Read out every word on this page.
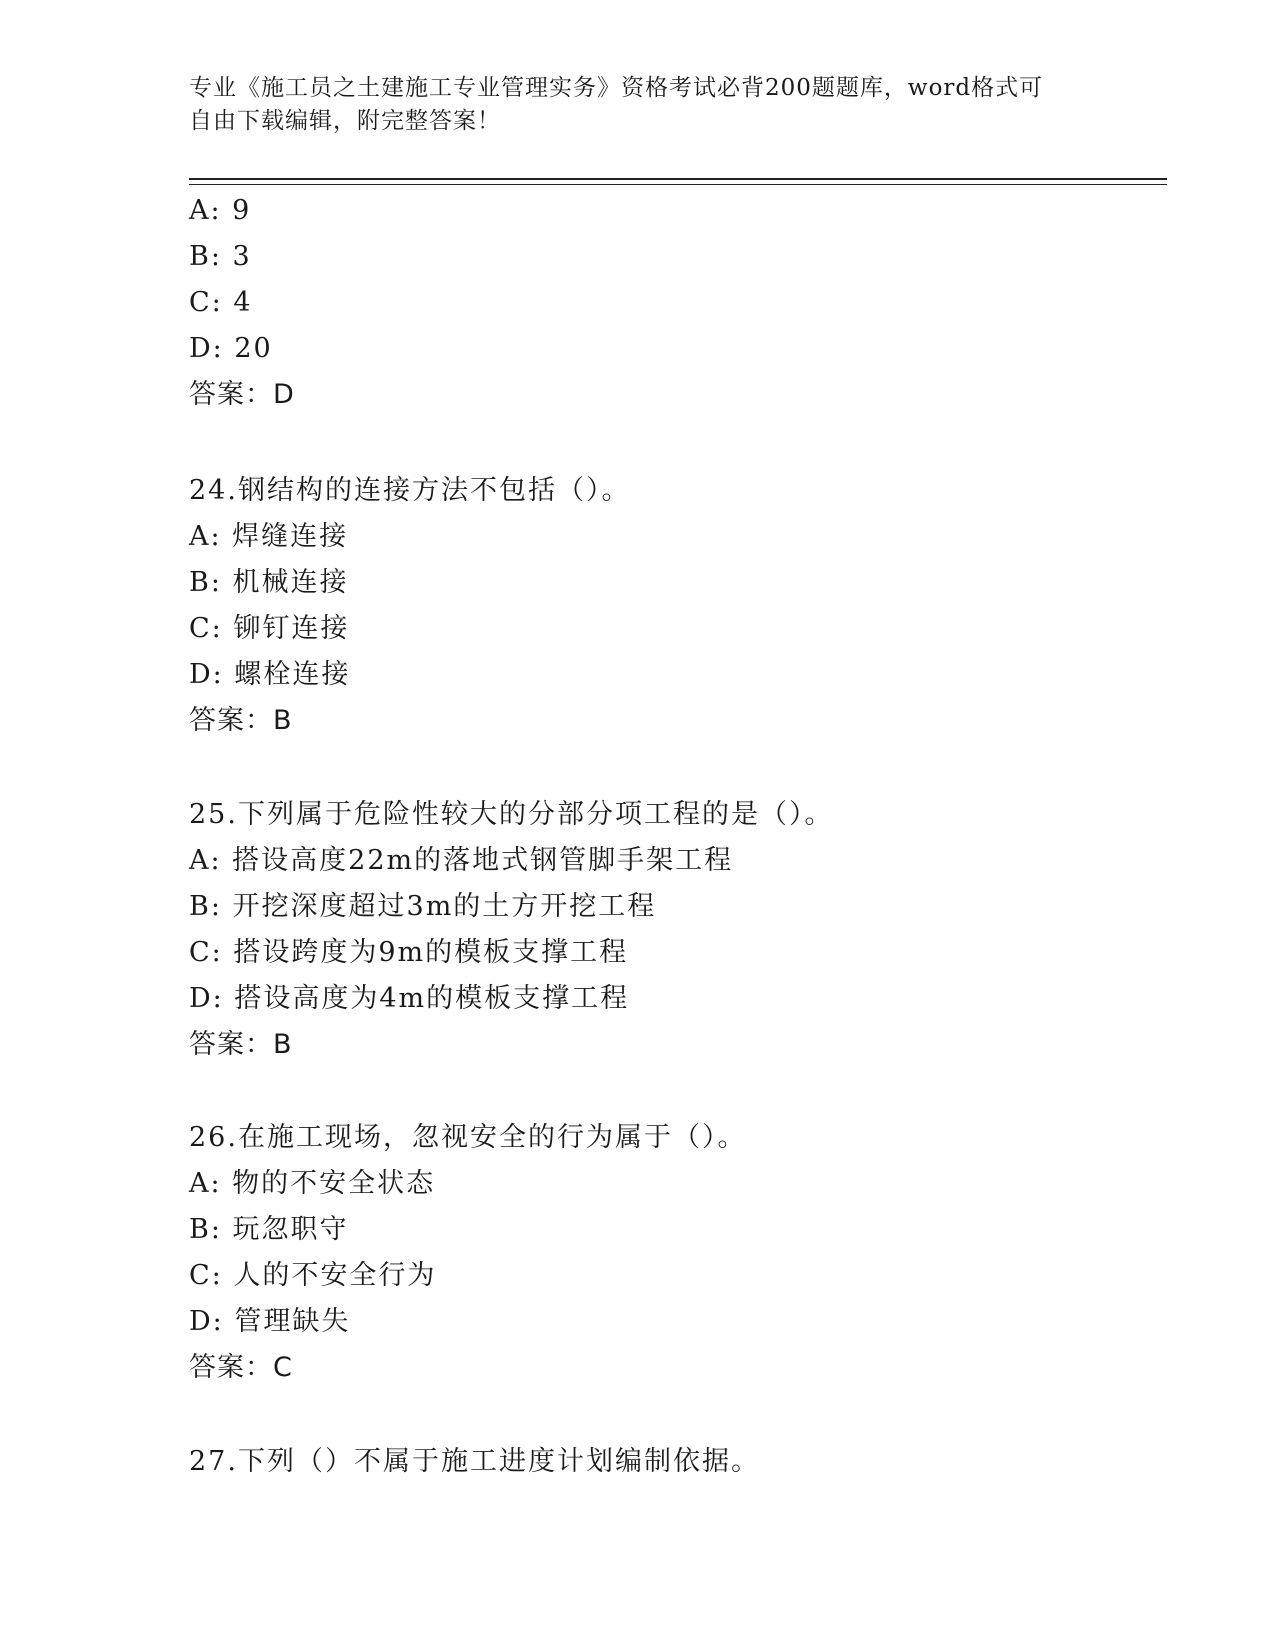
专业《施工员之土建施工专业管理实务》资格考试必背200题题库，word格式可
自由下载编辑，附完整答案！
A: 9
B: 3
C: 4
D: 20
答案：D
24.钢结构的连接方法不包括（）。
A: 焊缝连接
B: 机械连接
C: 铆钉连接
D: 螺栓连接
答案：B
25.下列属于危险性较大的分部分项工程的是（）。
A: 搭设高度22m的落地式钢管脚手架工程
B: 开挖深度超过3m的土方开挖工程
C: 搭设跨度为9m的模板支撑工程
D: 搭设高度为4m的模板支撑工程
答案：B
26.在施工现场，忽视安全的行为属于（）。
A: 物的不安全状态
B: 玩忽职守
C: 人的不安全行为
D: 管理缺失
答案：C
27.下列（）不属于施工进度计划编制依据。
